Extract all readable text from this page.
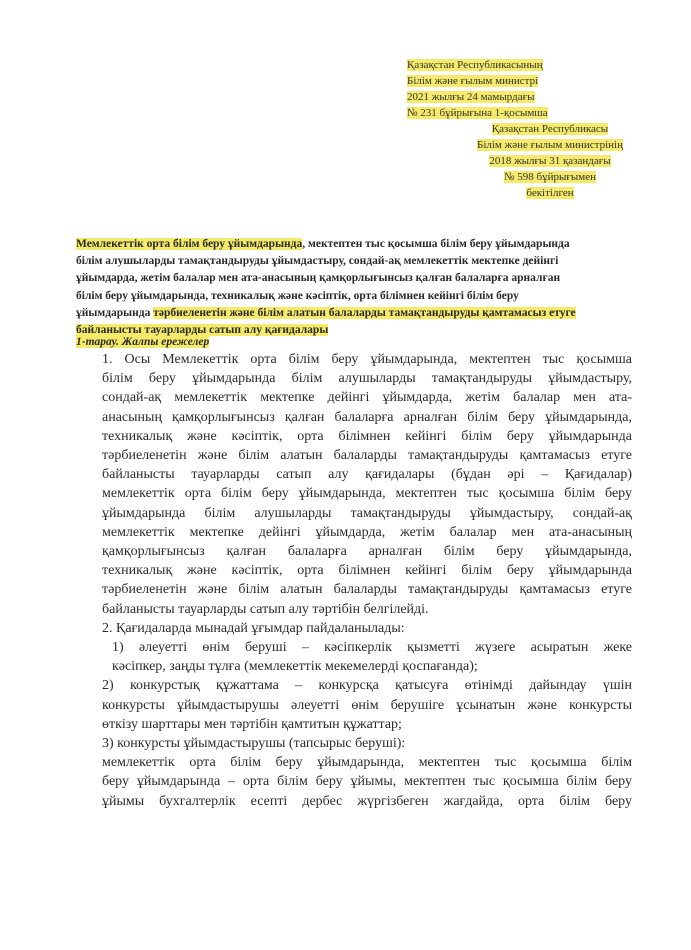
Қазақстан Республикасының
Білім және ғылым министрі
2021 жылғы 24 мамырдағы
№ 231 бұйрығына 1-қосымша
Қазақстан Республикасы
Білім және ғылым министрінің
2018 жылғы 31 қазандағы
№ 598 бұйрығымен
бекітілген
Мемлекеттік орта білім беру ұйымдарында, мектептен тыс қосымша білім беру ұйымдарында
білім алушыларды тамақтандыруды ұйымдастыру, сондай-ақ мемлекеттік мектепке дейінгі
ұйымдарда, жетім балалар мен ата-анасының қамқорлығынсыз қалған балаларға арналған
білім беру ұйымдарында, техникалық және кәсіптік, орта білімнен кейінгі білім беру
ұйымдарында тәрбиеленетін және білім алатын балаларды тамақтандыруды қамтамасыз етуге
байланысты тауарларды сатып алу қағидалары
1-тарау. Жалпы ережелер

1. Осы Мемлекеттік орта білім беру ұйымдарында, мектептен тыс қосымша
білім беру ұйымдарында білім алушыларды тамақтандыруды ұйымдастыру,
сондай-ақ мемлекеттік мектепке дейінгі ұйымдарда, жетім балалар мен ата-
анасының қамқорлығынсыз қалған балаларға арналған білім беру ұйымдарында,
техникалық және кәсіптік, орта білімнен кейінгі білім беру ұйымдарында
тәрбиеленетін және білім алатын балаларды тамақтандыруды қамтамасыз етуге
байланысты тауарларды сатып алу қағидалары (бұдан әрі – Қағидалар)
мемлекеттік орта білім беру ұйымдарында, мектептен тыс қосымша білім беру
ұйымдарында білім алушыларды тамақтандыруды ұйымдастыру, сондай-ақ
мемлекеттік мектепке дейінгі ұйымдарда, жетім балалар мен ата-анасының
қамқорлығынсыз қалған балаларға арналған білім беру ұйымдарында,
техникалық және кәсіптік, орта білімнен кейінгі білім беру ұйымдарында
тәрбиеленетін және білім алатын балаларды тамақтандыруды қамтамасыз етуге
байланысты тауарларды сатып алу тәртібін белгілейді.

2. Қағидаларда мынадай ұғымдар пайдаланылады:

1) әлеуетті өнім беруші – кәсіпкерлік қызметті жүзеге асыратын жеке
кәсіпкер, заңды тұлға (мемлекеттік мекемелерді қоспағанда);

2) конкурстық құжаттама – конкурсқа қатысуға өтінімді дайындау үшін
конкурсты ұйымдастырушы әлеуетті өнім берушіге ұсынатын және конкурсты
өткізу шарттары мен тәртібін қамтитын құжаттар;

3) конкурсты ұйымдастырушы (тапсырыс беруші):

мемлекеттік орта білім беру ұйымдарында, мектептен тыс қосымша білім
беру ұйымдарында – орта білім беру ұйымы, мектептен тыс қосымша білім беру
ұйымы бухгалтерлік есепті дербес жүргізбеген жағдайда, орта білім беру
